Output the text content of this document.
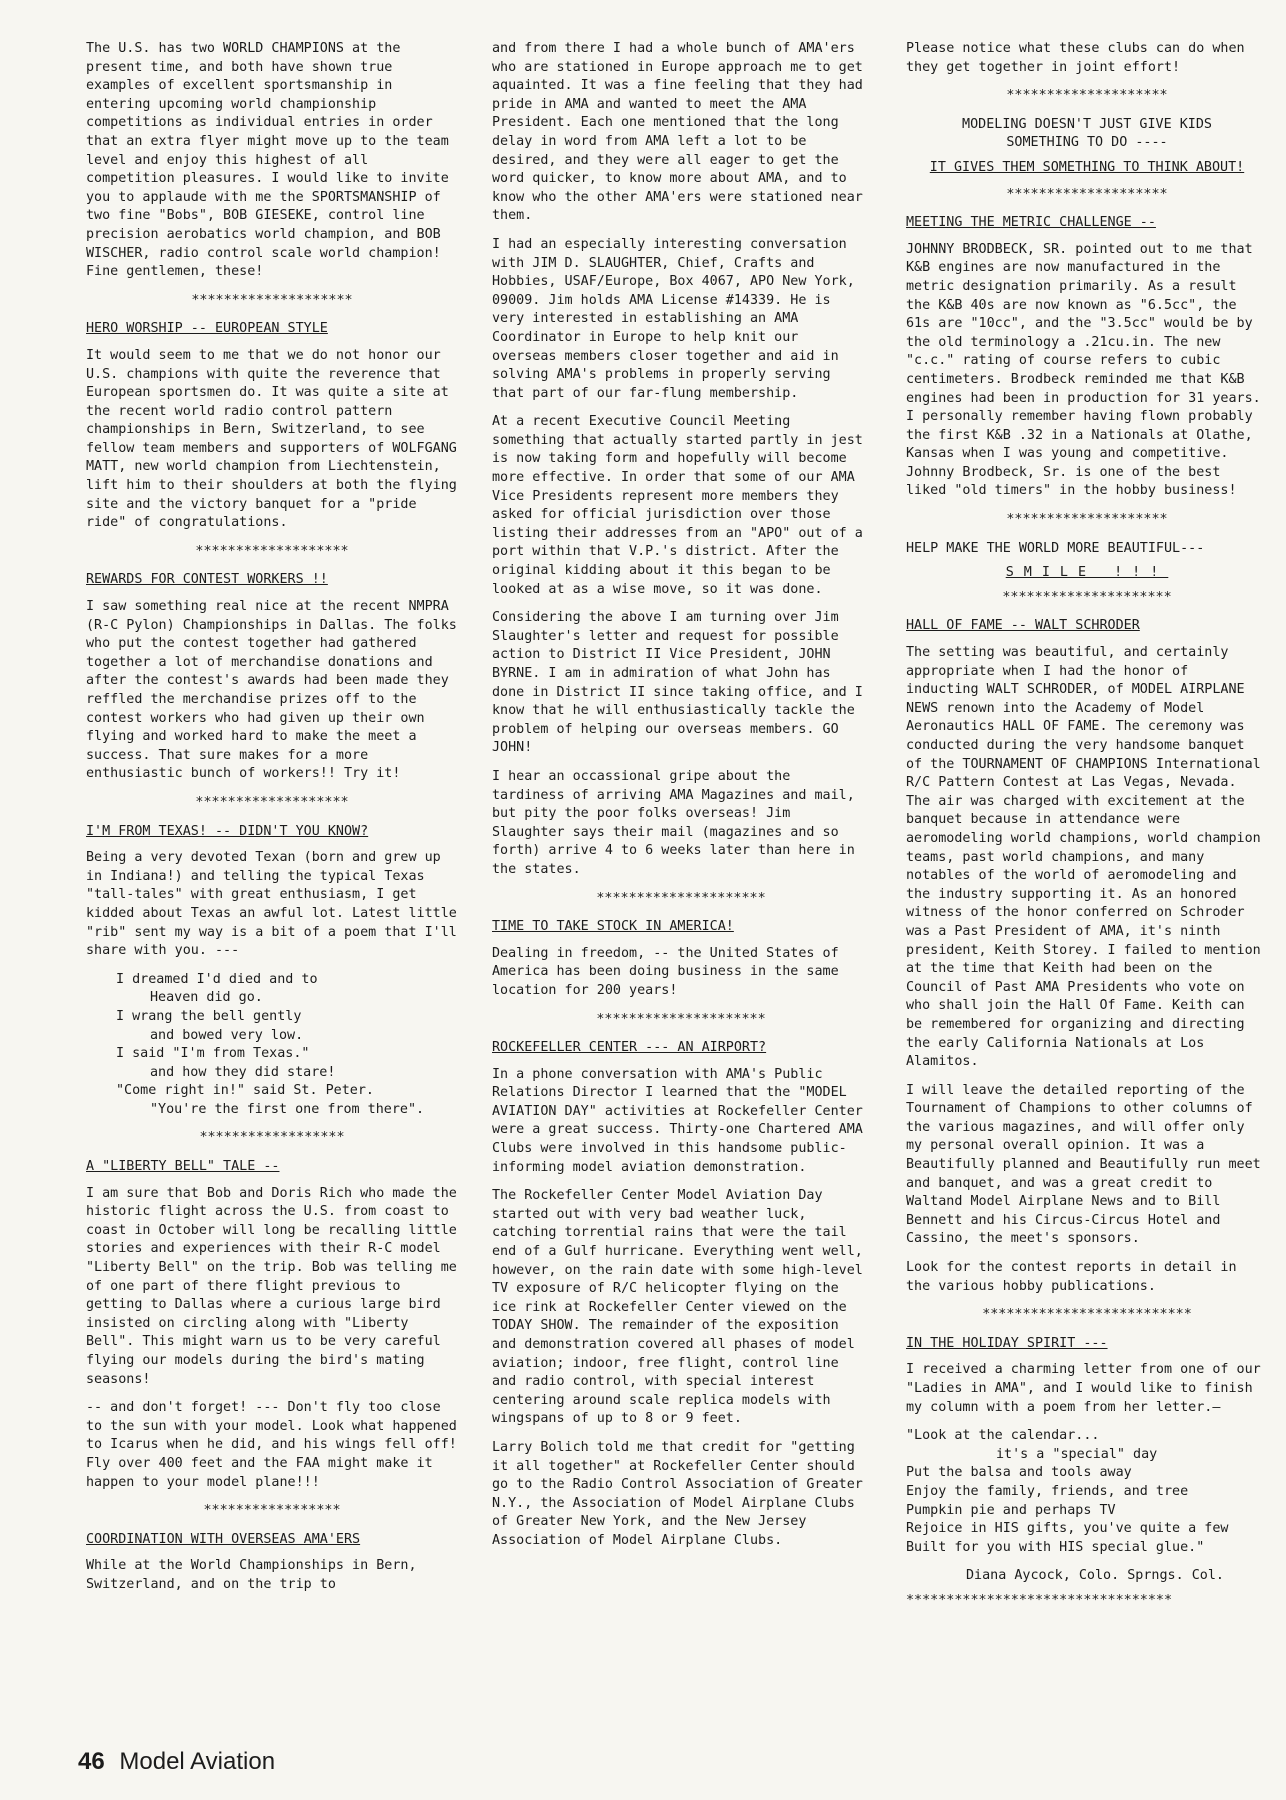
The U.S. has two WORLD CHAMPIONS at the present time, and both have shown true examples of excellent sportsmanship in entering upcoming world championship competitions as individual entries in order that an extra flyer might move up to the team level and enjoy this highest of all competition pleasures. I would like to invite you to applaude with me the SPORTSMANSHIP of two fine "Bobs", BOB GIESEKE, control line precision aerobatics world champion, and BOB WISCHER, radio control scale world champion! Fine gentlemen, these!

********************
HERO WORSHIP -- EUROPEAN STYLE

It would seem to me that we do not honor our U.S. champions with quite the reverence that European sportsmen do. It was quite a site at the recent world radio control pattern championships in Bern, Switzerland, to see fellow team members and supporters of WOLFGANG MATT, new world champion from Liechtenstein, lift him to their shoulders at both the flying site and the victory banquet for a "pride ride" of congratulations.

*******************
REWARDS FOR CONTEST WORKERS !!

I saw something real nice at the recent NMPRA (R-C Pylon) Championships in Dallas. The folks who put the contest together had gathered together a lot of merchandise donations and after the contest's awards had been made they reffled the merchandise prizes off to the contest workers who had given up their own flying and worked hard to make the meet a success. That sure makes for a more enthusiastic bunch of workers!! Try it!

*******************
I'M FROM TEXAS! -- DIDN'T YOU KNOW?

Being a very devoted Texan (born and grew up in Indiana!) and telling the typical Texas "tall-tales" with great enthusiasm, I get kidded about Texas an awful lot. Latest little "rib" sent my way is a bit of a poem that I'll share with you. ---

I dreamed I'd died and to
Heaven did go.
I wrang the bell gently
and bowed very low.
I said "I'm from Texas."
and how they did stare!
"Come right in!" said St. Peter.
"You're the first one from there".
******************
A "LIBERTY BELL" TALE --

I am sure that Bob and Doris Rich who made the historic flight across the U.S. from coast to coast in October will long be recalling little stories and experiences with their R-C model "Liberty Bell" on the trip. Bob was telling me of one part of there flight previous to getting to Dallas where a curious large bird insisted on circling along with "Liberty Bell". This might warn us to be very careful flying our models during the bird's mating seasons!

-- and don't forget! --- Don't fly too close to the sun with your model. Look what happened to Icarus when he did, and his wings fell off! Fly over 400 feet and the FAA might make it happen to your model plane!!!

*****************
COORDINATION WITH OVERSEAS AMA'ERS

While at the World Championships in Bern, Switzerland, and on the trip to

and from there I had a whole bunch of AMA'ers who are stationed in Europe approach me to get aquainted. It was a fine feeling that they had pride in AMA and wanted to meet the AMA President. Each one mentioned that the long delay in word from AMA left a lot to be desired, and they were all eager to get the word quicker, to know more about AMA, and to know who the other AMA'ers were stationed near them.

I had an especially interesting conversation with JIM D. SLAUGHTER, Chief, Crafts and Hobbies, USAF/Europe, Box 4067, APO New York, 09009. Jim holds AMA License #14339. He is very interested in establishing an AMA Coordinator in Europe to help knit our overseas members closer together and aid in solving AMA's problems in properly serving that part of our far-flung membership.

At a recent Executive Council Meeting something that actually started partly in jest is now taking form and hopefully will become more effective. In order that some of our AMA Vice Presidents represent more members they asked for official jurisdiction over those listing their addresses from an "APO" out of a port within that V.P.'s district. After the original kidding about it this began to be looked at as a wise move, so it was done.

Considering the above I am turning over Jim Slaughter's letter and request for possible action to District II Vice President, JOHN BYRNE. I am in admiration of what John has done in District II since taking office, and I know that he will enthusiastically tackle the problem of helping our overseas members. GO JOHN!

I hear an occassional gripe about the tardiness of arriving AMA Magazines and mail, but pity the poor folks overseas! Jim Slaughter says their mail (magazines and so forth) arrive 4 to 6 weeks later than here in the states.

*********************
TIME TO TAKE STOCK IN AMERICA!

Dealing in freedom, -- the United States of America has been doing business in the same location for 200 years!

*********************
ROCKEFELLER CENTER --- AN AIRPORT?

In a phone conversation with AMA's Public Relations Director I learned that the "MODEL AVIATION DAY" activities at Rockefeller Center were a great success. Thirty-one Chartered AMA Clubs were involved in this handsome public-informing model aviation demonstration.

The Rockefeller Center Model Aviation Day started out with very bad weather luck, catching torrential rains that were the tail end of a Gulf hurricane. Everything went well, however, on the rain date with some high-level TV exposure of R/C helicopter flying on the ice rink at Rockefeller Center viewed on the TODAY SHOW. The remainder of the exposition and demonstration covered all phases of model aviation; indoor, free flight, control line and radio control, with special interest centering around scale replica models with wingspans of up to 8 or 9 feet.

Larry Bolich told me that credit for "getting it all together" at Rockefeller Center should go to the Radio Control Association of Greater N.Y., the Association of Model Airplane Clubs of Greater New York, and the New Jersey Association of Model Airplane Clubs.

Please notice what these clubs can do when they get together in joint effort!

********************
MODELING DOESN'T JUST GIVE KIDS
SOMETHING TO DO ----
IT GIVES THEM SOMETHING TO THINK ABOUT!
********************
MEETING THE METRIC CHALLENGE --

JOHNNY BRODBECK, SR. pointed out to me that K&B engines are now manufactured in the metric designation primarily. As a result the K&B 40s are now known as "6.5cc", the 61s are "10cc", and the "3.5cc" would be by the old terminology a .21cu.in. The new "c.c." rating of course refers to cubic centimeters. Brodbeck reminded me that K&B engines had been in production for 31 years. I personally remember having flown probably the first K&B .32 in a Nationals at Olathe, Kansas when I was young and competitive. Johnny Brodbeck, Sr. is one of the best liked "old timers" in the hobby business!

********************
HELP MAKE THE WORLD MORE BEAUTIFUL---
SMILE !!!
*********************
HALL OF FAME -- WALT SCHRODER

The setting was beautiful, and certainly appropriate when I had the honor of inducting WALT SCHRODER, of MODEL AIRPLANE NEWS renown into the Academy of Model Aeronautics HALL OF FAME. The ceremony was conducted during the very handsome banquet of the TOURNAMENT OF CHAMPIONS International R/C Pattern Contest at Las Vegas, Nevada. The air was charged with excitement at the banquet because in attendance were aeromodeling world champions, world champion teams, past world champions, and many notables of the world of aeromodeling and the industry supporting it. As an honored witness of the honor conferred on Schroder was a Past President of AMA, it's ninth president, Keith Storey. I failed to mention at the time that Keith had been on the Council of Past AMA Presidents who vote on who shall join the Hall Of Fame. Keith can be remembered for organizing and directing the early California Nationals at Los Alamitos.

I will leave the detailed reporting of the Tournament of Champions to other columns of the various magazines, and will offer only my personal overall opinion. It was a Beautifully planned and Beautifully run meet and banquet, and was a great credit to Waltand Model Airplane News and to Bill Bennett and his Circus-Circus Hotel and Cassino, the meet's sponsors.

Look for the contest reports in detail in the various hobby publications.

**************************
IN THE HOLIDAY SPIRIT ---

I received a charming letter from one of our "Ladies in AMA", and I would like to finish my column with a poem from her letter.—

"Look at the calendar...
it's a "special" day
Put the balsa and tools away
Enjoy the family, friends, and tree
Pumpkin pie and perhaps TV
Rejoice in HIS gifts, you've quite a few
Built for you with HIS special glue."
Diana Aycock, Colo. Sprngs. Col.
*********************************
46 Model Aviation
